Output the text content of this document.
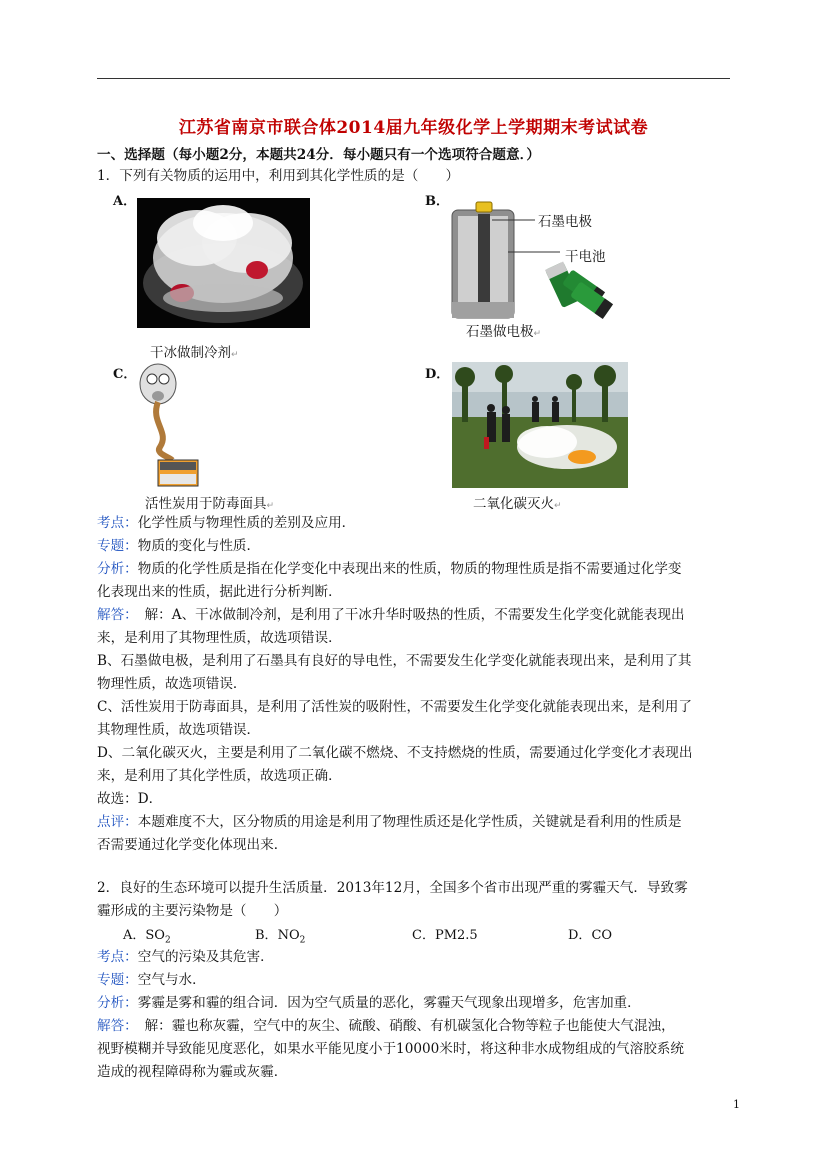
江苏省南京市联合体2014届九年级化学上学期期末考试试卷
一、选择题（每小题2分，本题共24分．每小题只有一个选项符合题意．）
1．下列有关物质的运用中，利用到其化学性质的是（　　）
A．
干冰做制冷剂↵
B．
石墨电极
干电池
石墨做电极↵
C．
活性炭用于防毒面具↵
D．
二氧化碳灭火↵
考点：化学性质与物理性质的差别及应用．
专题：物质的变化与性质．
分析：物质的化学性质是指在化学变化中表现出来的性质，物质的物理性质是指不需要通过化学变
化表现出来的性质，据此进行分析判断．
解答：　解：A、干冰做制冷剂，是利用了干冰升华时吸热的性质，不需要发生化学变化就能表现出
来，是利用了其物理性质，故选项错误．
B、石墨做电极，是利用了石墨具有良好的导电性，不需要发生化学变化就能表现出来，是利用了其
物理性质，故选项错误．
C、活性炭用于防毒面具，是利用了活性炭的吸附性，不需要发生化学变化就能表现出来，是利用了
其物理性质，故选项错误．
D、二氧化碳灭火，主要是利用了二氧化碳不燃烧、不支持燃烧的性质，需要通过化学变化才表现出
来，是利用了其化学性质，故选项正确．
故选：D．
点评：本题难度不大，区分物质的用途是利用了物理性质还是化学性质，关键就是看利用的性质是
否需要通过化学变化体现出来．
2．良好的生态环境可以提升生活质量．2013年12月，全国多个省市出现严重的雾霾天气．导致雾
霾形成的主要污染物是（　　）
A．$SO_2$	B．$NO_2$	C．PM2.5	D．CO
考点：空气的污染及其危害．
专题：空气与水．
分析：雾霾是雾和霾的组合词．因为空气质量的恶化，雾霾天气现象出现增多，危害加重．
解答：　解：霾也称灰霾，空气中的灰尘、硫酸、硝酸、有机碳氢化合物等粒子也能使大气混浊，
视野模糊并导致能见度恶化，如果水平能见度小于10000米时，将这种非水成物组成的气溶胶系统
造成的视程障碍称为霾或灰霾．
1
